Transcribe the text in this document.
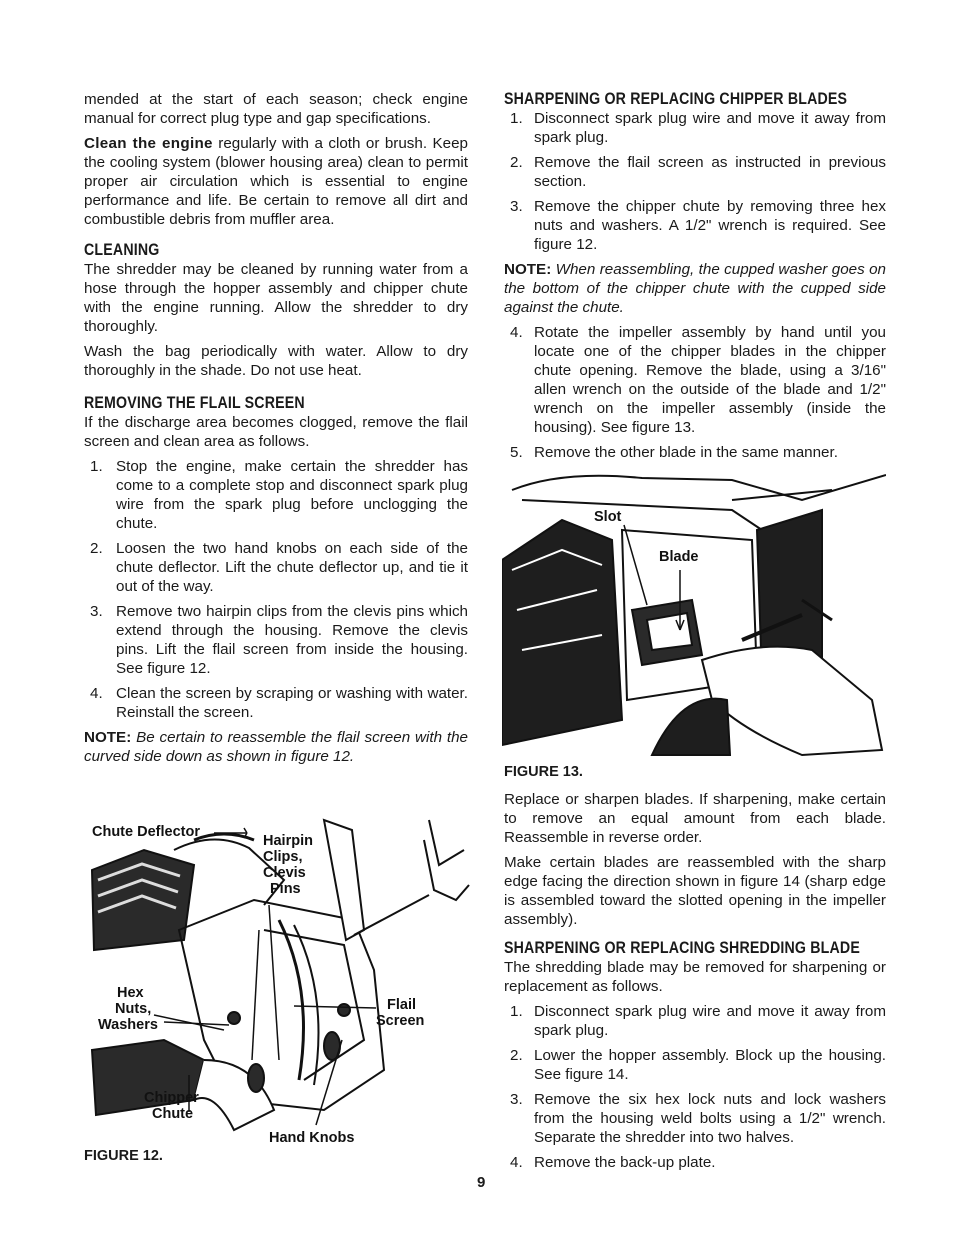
mended at the start of each season; check engine manual for correct plug type and gap specifications.

Clean the engine regularly with a cloth or brush. Keep the cooling system (blower housing area) clean to permit proper air circulation which is essential to engine performance and life. Be certain to remove all dirt and combustible debris from muffler area.

CLEANING

The shredder may be cleaned by running water from a hose through the hopper assembly and chipper chute with the engine running. Allow the shredder to dry thoroughly.

Wash the bag periodically with water. Allow to dry thoroughly in the shade. Do not use heat.

REMOVING THE FLAIL SCREEN

If the discharge area becomes clogged, remove the flail screen and clean area as follows.

1. Stop the engine, make certain the shredder has come to a complete stop and disconnect spark plug wire from the spark plug before unclogging the chute.
2. Loosen the two hand knobs on each side of the chute deflector. Lift the chute deflector up, and tie it out of the way.
3. Remove two hairpin clips from the clevis pins which extend through the housing. Remove the clevis pins. Lift the flail screen from inside the housing. See figure 12.
4. Clean the screen by scraping or washing with water. Reinstall the screen.

NOTE: Be certain to reassemble the flail screen with the curved side down as shown in figure 12.

Chute Deflector
Hairpin
Clips,
Clevis
Pins
Hex
Nuts,
Washers
Flail
Screen
Chipper
Chute
Hand Knobs
FIGURE 12.
SHARPENING OR REPLACING CHIPPER BLADES
1. Disconnect spark plug wire and move it away from spark plug.
2. Remove the flail screen as instructed in previous section.
3. Remove the chipper chute by removing three hex nuts and washers. A 1/2" wrench is required. See figure 12.

NOTE: When reassembling, the cupped washer goes on the bottom of the chipper chute with the cupped side against the chute.

4. Rotate the impeller assembly by hand until you locate one of the chipper blades in the chipper chute opening. Remove the blade, using a 3/16" allen wrench on the outside of the blade and 1/2" wrench on the impeller assembly (inside the housing). See figure 13.
5. Remove the other blade in the same manner.
Slot
Blade
FIGURE 13.

Replace or sharpen blades. If sharpening, make certain to remove an equal amount from each blade. Reassemble in reverse order.

Make certain blades are reassembled with the sharp edge facing the direction shown in figure 14 (sharp edge is assembled toward the slotted opening in the impeller assembly).

SHARPENING OR REPLACING SHREDDING BLADE

The shredding blade may be removed for sharpening or replacement as follows.

1. Disconnect spark plug wire and move it away from spark plug.
2. Lower the hopper assembly. Block up the housing. See figure 14.
3. Remove the six hex lock nuts and lock washers from the housing weld bolts using a 1/2" wrench. Separate the shredder into two halves.
4. Remove the back-up plate.
9
